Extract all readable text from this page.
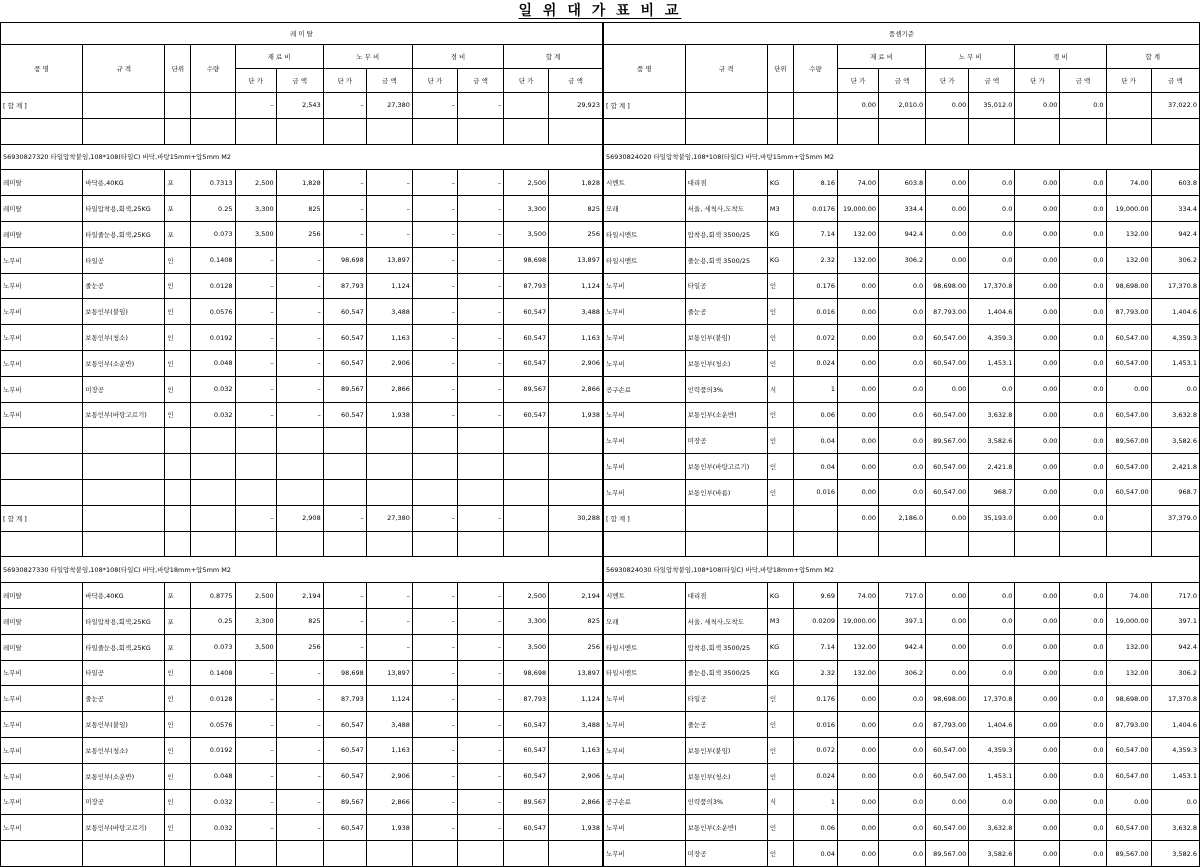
일 위 대 가 표 비 교
레 미 탈												품셈기준											
품 명	규 격	단위	수량	재 료 비		노 무 비		경 비		합 계		품 명	규 격	단위	수량	재 료 비		노 무 비		경 비		합 계	
				단 가	금 액	단 가	금 액	단 가	금 액	단 가	금 액					단 가	금 액	단 가	금 액	단 가	금 액	단 가	금 액
[ 합 계 ]				–	2,543	–	27,380	–	–		29,923	[ 합 계 ]				0.00	2,010.0	0.00	35,012.0	0.00	0.0		37,022.0

56930827320 타일압착붙임,108*108(타일C) 바닥,바탕15mm+압5mm M2												56930824020 타일압착붙임,108*108(타일C) 바닥,바탕15mm+압5mm M2											
레미탈	바닥용,40KG	포	0.7313	2,500	1,828	–	–	–	–	2,500	1,828	시멘트	대리점	KG	8.16	74.00	603.8	0.00	0.0	0.00	0.0	74.00	603.8
레미탈	타일압착용,회색,25KG	포	0.25	3,300	825	–	–	–	–	3,300	825	모래	서울, 세척사,도착도	M3	0.0176	19,000.00	334.4	0.00	0.0	0.00	0.0	19,000.00	334.4
레미탈	타일줄눈용,회색,25KG	포	0.073	3,500	256	–	–	–	–	3,500	256	타일시멘트	압착용,회색 3500/25	KG	7.14	132.00	942.4	0.00	0.0	0.00	0.0	132.00	942.4
노무비	타일공	인	0.1408	–	–	98,698	13,897	–	–	98,698	13,897	타일시멘트	줄눈용,회색 3500/25	KG	2.32	132.00	306.2	0.00	0.0	0.00	0.0	132.00	306.2
노무비	줄눈공	인	0.0128	–	–	87,793	1,124	–	–	87,793	1,124	노무비	타일공	인	0.176	0.00	0.0	98,698.00	17,370.8	0.00	0.0	98,698.00	17,370.8
노무비	보통인부(붙임)	인	0.0576	–	–	60,547	3,488	–	–	60,547	3,488	노무비	줄눈공	인	0.016	0.00	0.0	87,793.00	1,404.6	0.00	0.0	87,793.00	1,404.6
노무비	보통인부(청소)	인	0.0192	–	–	60,547	1,163	–	–	60,547	1,163	노무비	보통인부(붙임)	인	0.072	0.00	0.0	60,547.00	4,359.3	0.00	0.0	60,547.00	4,359.3
노무비	보통인부(소운반)	인	0.048	–	–	60,547	2,906	–	–	60,547	2,906	노무비	보통인부(청소)	인	0.024	0.00	0.0	60,547.00	1,453.1	0.00	0.0	60,547.00	1,453.1
노무비	미장공	인	0.032	–	–	89,567	2,866	–	–	89,567	2,866	공구손료	인력품의3%	식	1	0.00	0.0	0.00	0.0	0.00	0.0	0.00	0.0
노무비	보통인부(바탕고르기)	인	0.032	–	–	60,547	1,938	–	–	60,547	1,938	노무비	보통인부(소운반)	인	0.06	0.00	0.0	60,547.00	3,632.8	0.00	0.0	60,547.00	3,632.8
												노무비	미장공	인	0.04	0.00	0.0	89,567.00	3,582.6	0.00	0.0	89,567.00	3,582.6
												노무비	보통인부(바탕고르기)	인	0.04	0.00	0.0	60,547.00	2,421.8	0.00	0.0	60,547.00	2,421.8
												노무비	보통인부(바름)	인	0.016	0.00	0.0	60,547.00	968.7	0.00	0.0	60,547.00	968.7
[ 합 계 ]				–	2,908	–	27,380	–	–		30,288	[ 합 계 ]				0.00	2,186.0	0.00	35,193.0	0.00	0.0		37,379.0

56930827330 타일압착붙임,108*108(타일C) 바닥,바탕18mm+압5mm M2												56930824030 타일압착붙임,108*108(타일C) 바닥,바탕18mm+압5mm M2											
레미탈	바닥용,40KG	포	0.8775	2,500	2,194	–	–	–	–	2,500	2,194	시멘트	대리점	KG	9.69	74.00	717.0	0.00	0.0	0.00	0.0	74.00	717.0
레미탈	타일압착용,회색,25KG	포	0.25	3,300	825	–	–	–	–	3,300	825	모래	서울, 세척사,도착도	M3	0.0209	19,000.00	397.1	0.00	0.0	0.00	0.0	19,000.00	397.1
레미탈	타일줄눈용,회색,25KG	포	0.073	3,500	256	–	–	–	–	3,500	256	타일시멘트	압착용,회색 3500/25	KG	7.14	132.00	942.4	0.00	0.0	0.00	0.0	132.00	942.4
노무비	타일공	인	0.1408	–	–	98,698	13,897	–	–	98,698	13,897	타일시멘트	줄눈용,회색 3500/25	KG	2.32	132.00	306.2	0.00	0.0	0.00	0.0	132.00	306.2
노무비	줄눈공	인	0.0128	–	–	87,793	1,124	–	–	87,793	1,124	노무비	타일공	인	0.176	0.00	0.0	98,698.00	17,370.8	0.00	0.0	98,698.00	17,370.8
노무비	보통인부(붙임)	인	0.0576	–	–	60,547	3,488	–	–	60,547	3,488	노무비	줄눈공	인	0.016	0.00	0.0	87,793.00	1,404.6	0.00	0.0	87,793.00	1,404.6
노무비	보통인부(청소)	인	0.0192	–	–	60,547	1,163	–	–	60,547	1,163	노무비	보통인부(붙임)	인	0.072	0.00	0.0	60,547.00	4,359.3	0.00	0.0	60,547.00	4,359.3
노무비	보통인부(소운반)	인	0.048	–	–	60,547	2,906	–	–	60,547	2,906	노무비	보통인부(청소)	인	0.024	0.00	0.0	60,547.00	1,453.1	0.00	0.0	60,547.00	1,453.1
노무비	미장공	인	0.032	–	–	89,567	2,866	–	–	89,567	2,866	공구손료	인력품의3%	식	1	0.00	0.0	0.00	0.0	0.00	0.0	0.00	0.0
노무비	보통인부(바탕고르기)	인	0.032	–	–	60,547	1,938	–	–	60,547	1,938	노무비	보통인부(소운반)	인	0.06	0.00	0.0	60,547.00	3,632.8	0.00	0.0	60,547.00	3,632.8
												노무비	미장공	인	0.04	0.00	0.0	89,567.00	3,582.6	0.00	0.0	89,567.00	3,582.6
